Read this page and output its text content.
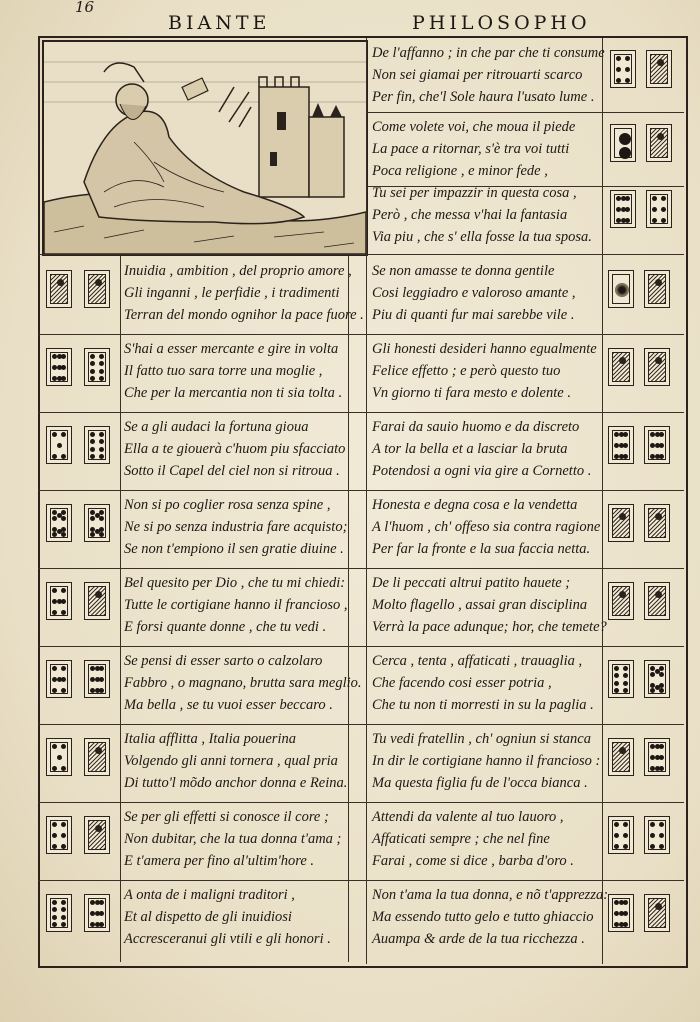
16
BIANTE	PHILOSOPHO
De l'affanno ; in che par che ti consume
Non sei giamai per ritrouarti scarco
Per fin, che'l Sole haura l'usato lume .
Come volete voi, che moua il piede
La pace a ritornar, s'è tra voi tutti
Poca religione , e minor fede ,
Tu sei per impazzir in questa cosa ,
Però , che messa v'hai la fantasia
Via piu , che s' ella fosse la tua sposa.
Inuidia , ambition , del proprio amore ,
Gli inganni , le perfidie , i tradimenti
Terran del mondo ognihor la pace fuore .
Se non amasse te donna gentile
Cosi leggiadro e valoroso amante ,
Piu di quanti fur mai sarebbe vile .
S'hai a esser mercante e gire in volta
Il fatto tuo sara torre una moglie ,
Che per la mercantia non ti sia tolta .
Gli honesti desideri hanno egualmente
Felice effetto ; e però questo tuo
Vn giorno ti fara mesto e dolente .
Se a gli audaci la fortuna gioua
Ella a te giouerà c'huom piu sfacciato
Sotto il Capel del ciel non si ritroua .
Farai da sauio huomo e da discreto
A tor la bella et a lasciar la bruta
Potendosi a ogni via gire a Cornetto .
Non si po coglier rosa senza spine ,
Ne si po senza industria fare acquisto;
Se non t'empiono il sen gratie diuine .
Honesta e degna cosa e la vendetta
A l'huom , ch' offeso sia contra ragione
Per far la fronte e la sua faccia netta.
Bel quesito per Dio , che tu mi chiedi:
Tutte le cortigiane hanno il franciosо ,
E forsi quante donne , che tu vedi .
De li peccati altrui patito hauete ;
Molto flagello , assai gran disciplina
Verrà la pace adunque; hor, che temete?
Se pensi di esser sarto o calzolaro
Fabbro , o magnano, brutta sara meglio.
Ma bella , se tu vuoi esser beccaro .
Cerca , tenta , affaticati , trauaglia ,
Che facendo cosi esser potria ,
Che tu non ti morresti in su la paglia .
Italia afflitta , Italia pouerina
Volgendo gli anni tornera , qual pria
Di tutto'l mõdo anchor donna e Reina.
Tu vedi fratellin , ch' ogniun si stanca
In dir le cortigiane hanno il franciosо :
Ma questa figlia fu de l'occa bianca .
Se per gli effetti si conosce il core ;
Non dubitar, che la tua donna t'ama ;
E t'amera per fino al'ultim'hore .
Attendi da valente al tuo lauoro ,
Affaticati sempre ; che nel fine
Farai , come si dice , barba d'oro .
A onta de i maligni traditori ,
Et al dispetto de gli inuidiosi
Accresceranui gli vtili e gli honori .
Non t'ama la tua donna, e nõ t'apprezza:
Ma essendo tutto gelo e tutto ghiaccio
Auampa & arde de la tua ricchezza .
